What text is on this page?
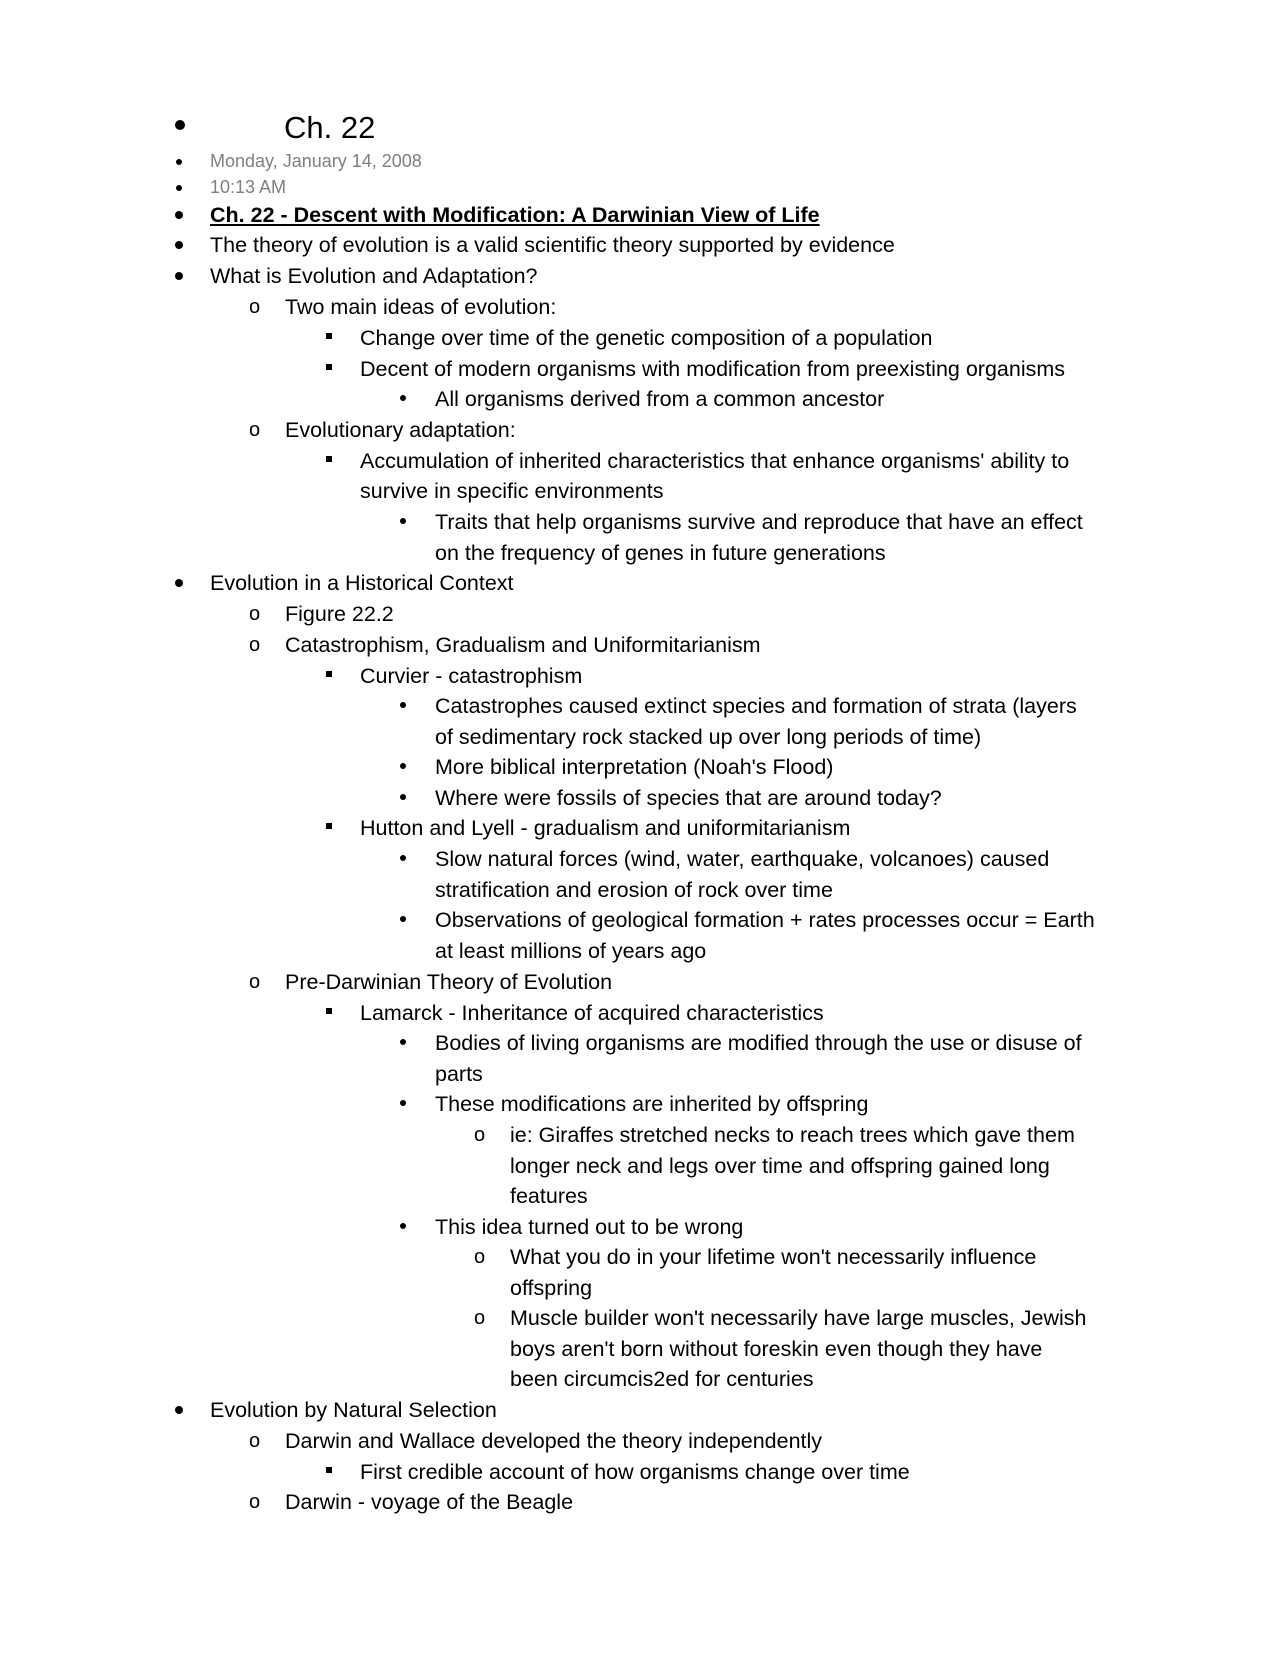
Ch. 22
Monday, January 14, 2008
10:13 AM
Ch. 22 - Descent with Modification: A Darwinian View of Life
The theory of evolution is a valid scientific theory supported by evidence
What is Evolution and Adaptation?
o Two main ideas of evolution:
Change over time of the genetic composition of a population
Decent of modern organisms with modification from preexisting organisms
All organisms derived from a common ancestor
o Evolutionary adaptation:
Accumulation of inherited characteristics that enhance organisms' ability to
survive in specific environments
Traits that help organisms survive and reproduce that have an effect
on the frequency of genes in future generations
Evolution in a Historical Context
o Figure 22.2
o Catastrophism, Gradualism and Uniformitarianism
Curvier - catastrophism
Catastrophes caused extinct species and formation of strata (layers
of sedimentary rock stacked up over long periods of time)
More biblical interpretation (Noah's Flood)
Where were fossils of species that are around today?
Hutton and Lyell - gradualism and uniformitarianism
Slow natural forces (wind, water, earthquake, volcanoes) caused
stratification and erosion of rock over time
Observations of geological formation + rates processes occur = Earth
at least millions of years ago
o Pre-Darwinian Theory of Evolution
Lamarck - Inheritance of acquired characteristics
Bodies of living organisms are modified through the use or disuse of
parts
These modifications are inherited by offspring
o ie: Giraffes stretched necks to reach trees which gave them
longer neck and legs over time and offspring gained long
features
This idea turned out to be wrong
o What you do in your lifetime won't necessarily influence
offspring
o Muscle builder won't necessarily have large muscles, Jewish
boys aren't born without foreskin even though they have
been circumcis2ed for centuries
Evolution by Natural Selection
o Darwin and Wallace developed the theory independently
First credible account of how organisms change over time
o Darwin - voyage of the Beagle
